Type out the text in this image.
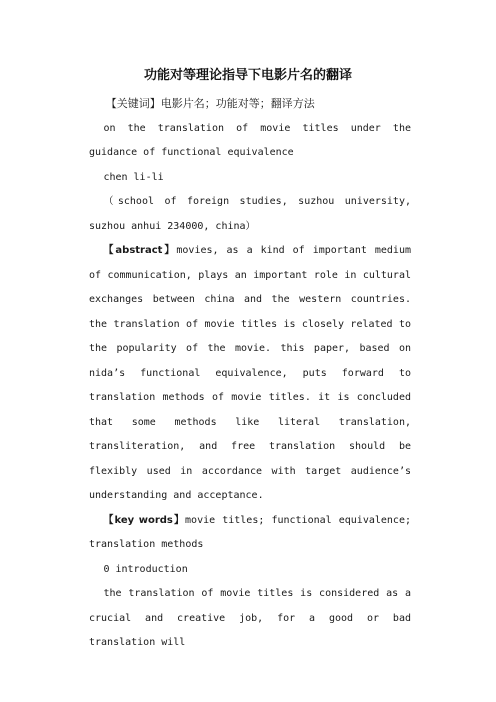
功能对等理论指导下电影片名的翻译

【关键词】电影片名；功能对等；翻译方法

on the translation of movie titles under the guidance of functional equivalence

chen li-li

（school of foreign studies, suzhou university, suzhou anhui 234000, china）

【abstract】movies, as a kind of important medium of communication, plays an important role in cultural exchanges between china and the western countries. the translation of movie titles is closely related to the popularity of the movie. this paper, based on nida’s functional equivalence, puts forward to translation methods of movie titles. it is concluded that some methods like literal translation, transliteration, and free translation should be flexibly used in accordance with target audience’s understanding and acceptance.

【key words】movie titles; functional equivalence; translation methods

0 introduction

the translation of movie titles is considered as a crucial and creative job, for a good or bad translation will
